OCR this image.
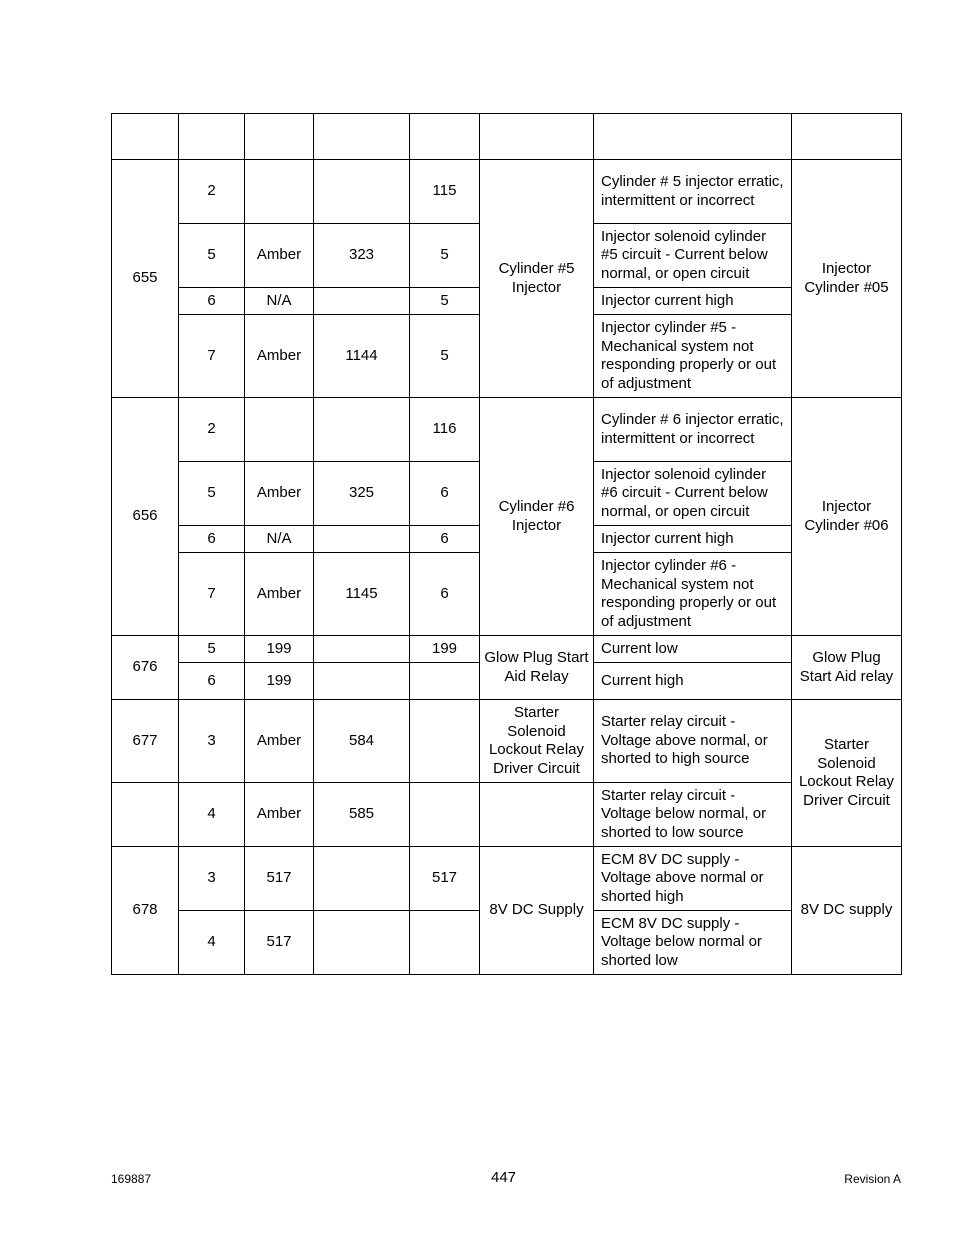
655	2			115	Cylinder #5 Injector	Cylinder # 5 injector erratic, intermittent or incorrect	Injector Cylinder #05
	5	Amber	323	5		Injector solenoid cylinder #5 circuit - Current below normal, or open circuit	
	6	N/A		5		Injector current high	
	7	Amber	1144	5		Injector cylinder #5 - Mechanical system not responding properly or out of adjustment	
656	2			116	Cylinder #6 Injector	Cylinder # 6 injector erratic, intermittent or incorrect	Injector Cylinder #06
	5	Amber	325	6		Injector solenoid cylinder #6 circuit - Current below normal, or open circuit	
	6	N/A		6		Injector current high	
	7	Amber	1145	6		Injector cylinder #6 - Mechanical system not responding properly or out of adjustment	
676	5	199		199	Glow Plug Start Aid Relay	Current low	Glow Plug Start Aid relay
	6	199				Current high	
677	3	Amber	584		Starter Solenoid Lockout Relay Driver Circuit	Starter relay circuit - Voltage above normal, or shorted to high source	Starter Solenoid Lockout Relay Driver Circuit
	4	Amber	585			Starter relay circuit - Voltage below normal, or shorted to low source	
678	3	517		517	8V DC Supply	ECM 8V DC supply - Voltage above normal or shorted high	8V DC supply
	4	517				ECM 8V DC supply - Voltage below normal or shorted low	
169887	447	Revision A
